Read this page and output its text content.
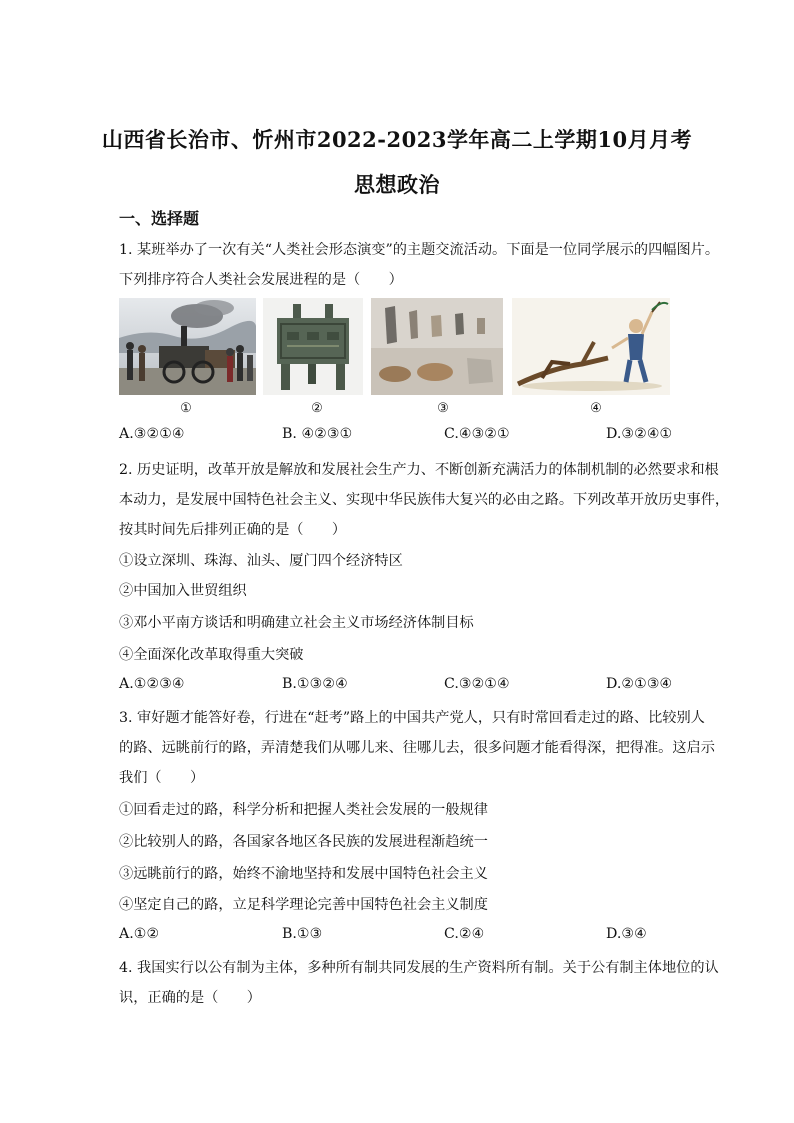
山西省长治市、忻州市2022-2023学年高二上学期10月月考
思想政治
一、选择题
1. 某班举办了一次有关“人类社会形态演变”的主题交流活动。下面是一位同学展示的四幅图片。
下列排序符合人类社会发展进程的是（　　）
①	②	③	④
A.③②①④	B. ④②③①	C.④③②①	D.③②④①
2. 历史证明，改革开放是解放和发展社会生产力、不断创新充满活力的体制机制的必然要求和根
本动力，是发展中国特色社会主义、实现中华民族伟大复兴的必由之路。下列改革开放历史事件，
按其时间先后排列正确的是（　　）
①设立深圳、珠海、汕头、厦门四个经济特区
②中国加入世贸组织
③邓小平南方谈话和明确建立社会主义市场经济体制目标
④全面深化改革取得重大突破
A.①②③④	B.①③②④	C.③②①④	D.②①③④
3. 审好题才能答好卷，行进在“赶考”路上的中国共产党人，只有时常回看走过的路、比较别人
的路、远眺前行的路，弄清楚我们从哪儿来、往哪儿去，很多问题才能看得深，把得准。这启示
我们（　　）
①回看走过的路，科学分析和把握人类社会发展的一般规律
②比较别人的路，各国家各地区各民族的发展进程渐趋统一
③远眺前行的路，始终不渝地坚持和发展中国特色社会主义
④坚定自己的路，立足科学理论完善中国特色社会主义制度
A.①②	B.①③	C.②④	D.③④
4. 我国实行以公有制为主体，多种所有制共同发展的生产资料所有制。关于公有制主体地位的认
识，正确的是（　　）
